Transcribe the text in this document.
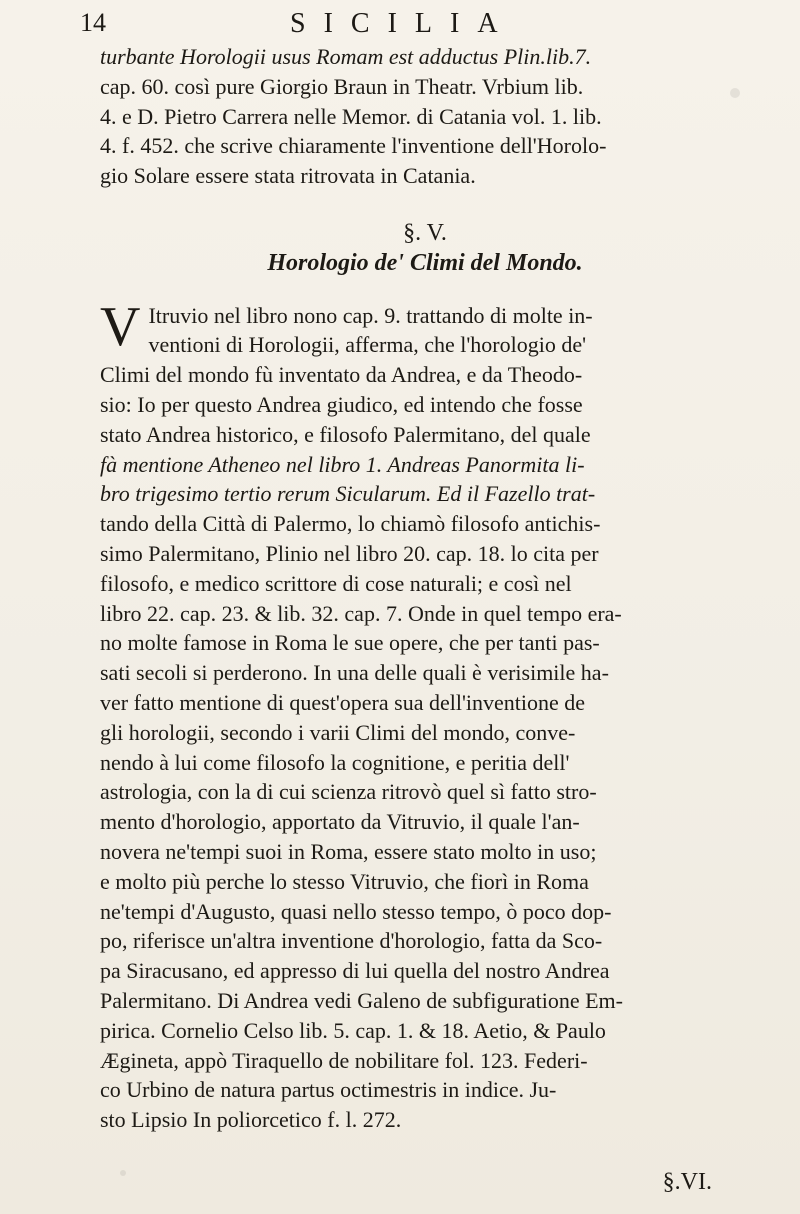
14	SICILIA
turbante Horologii usus Romam est adductus Plin.lib.7.
cap. 60. così pure Giorgio Braun in Theatr. Vrbium lib.
4. e D. Pietro Carrera nelle Memor. di Catania vol. 1. lib.
4. f. 452. che scrive chiaramente l'inventione dell'Horolo-
gio Solare essere stata ritrovata in Catania.
§. V.
Horologio de' Climi del Mondo.
V Itruvio nel libro nono cap. 9. trattando di molte in-
ventioni di Horologii, afferma, che l'horologio de'
Climi del mondo fù inventato da Andrea, e da Theodo-
sio: Io per questo Andrea giudico, ed intendo che fosse
stato Andrea historico, e filosofo Palermitano, del quale
fà mentione Atheneo nel libro 1. Andreas Panormita li-
bro trigesimo tertio rerum Sicularum. Ed il Fazello trat-
tando della Città di Palermo, lo chiamò filosofo antichis-
simo Palermitano, Plinio nel libro 20. cap. 18. lo cita per
filosofo, e medico scrittore di cose naturali; e così nel
libro 22. cap. 23. & lib. 32. cap. 7. Onde in quel tempo era-
no molte famose in Roma le sue opere, che per tanti pas-
sati secoli si perderono. In una delle quali è verisimile ha-
ver fatto mentione di quest'opera sua dell'inventione de
gli horologii, secondo i varii Climi del mondo, conve-
nendo à lui come filosofo la cognitione, e peritia dell'
astrologia, con la di cui scienza ritrovò quel sì fatto stro-
mento d'horologio, apportato da Vitruvio, il quale l'an-
novera ne'tempi suoi in Roma, essere stato molto in uso;
e molto più perche lo stesso Vitruvio, che fiorì in Roma
ne'tempi d'Augusto, quasi nello stesso tempo, ò poco dop-
po, riferisce un'altra inventione d'horologio, fatta da Sco-
pa Siracusano, ed appresso di lui quella del nostro Andrea
Palermitano. Di Andrea vedi Galeno de subfiguratione Em-
pirica. Cornelio Celso lib. 5. cap. 1. & 18. Aetio, & Paulo
Ægineta, appò Tiraquello de nobilitare fol. 123. Federi-
co Urbino de natura partus octimestris in indice. Ju-
sto Lipsio In poliorcetico f. l. 272.
§.VI.
